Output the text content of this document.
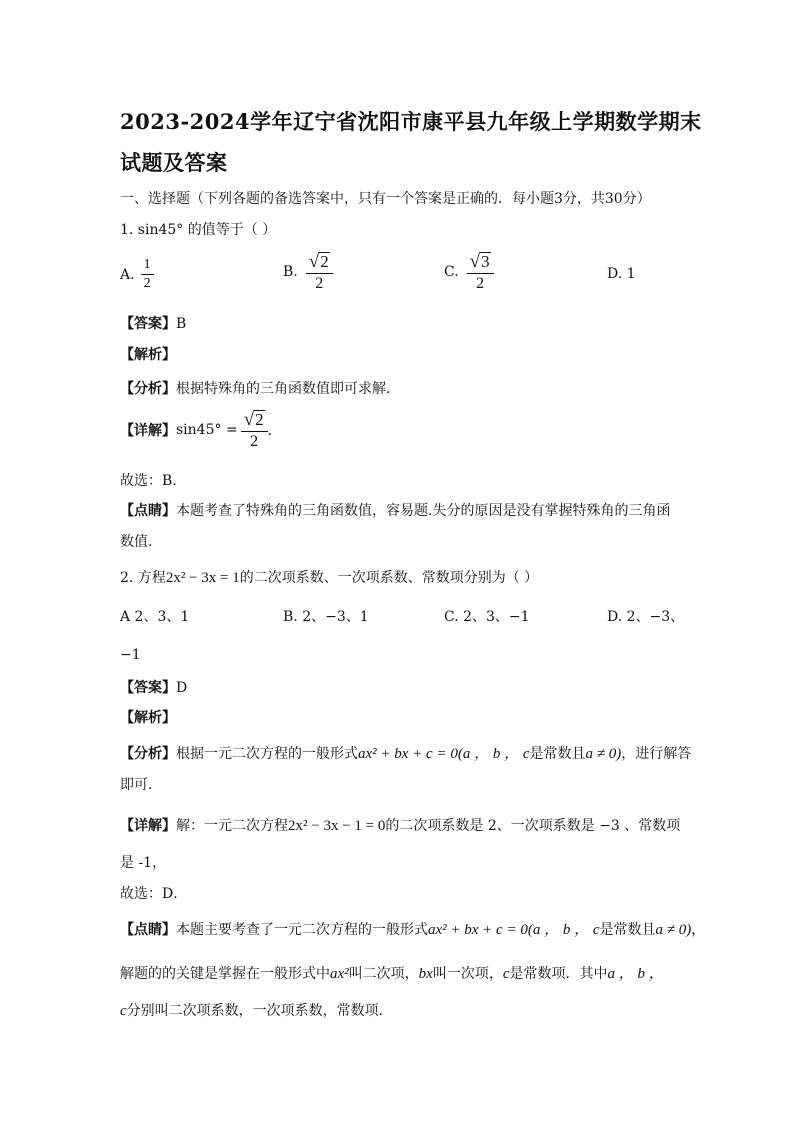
2023-2024学年辽宁省沈阳市康平县九年级上学期数学期末
试题及答案
一、选择题（下列各题的备选答案中，只有一个答案是正确的．每小题3分，共30分）
1. sin45° 的值等于（ ）
A. $\frac{1}{2}$	B. $\frac{√ 2}{2}$	C. $\frac{√ 3}{2}$	D. 1
【答案】B
【解析】
【分析】根据特殊角的三角函数值即可求解．
【详解】 $\sin 45^\circ = \frac{√ 2}{2}$ ．
故选：B．
【点睛】本题考查了特殊角的三角函数值，容易题.失分的原因是没有掌握特殊角的三角函
数值.
2. 方程2x² − 3x = 1的二次项系数、一次项系数、常数项分别为（ ）
A 2、3、1	B. 2、−3、1	C. 2、3、−1	D. 2、−3、
−1
【答案】D
【解析】
【分析】根据一元二次方程的一般形式ax² + bx + c = 0(a ， b ， c是常数且a ≠ 0)，进行解答
即可．
【详解】解：一元二次方程2x² − 3x − 1 = 0的二次项系数是 2、一次项系数是 −3 、常数项
是 -1，
故选：D．
【点睛】本题主要考查了一元二次方程的一般形式ax² + bx + c = 0(a ， b ， c是常数且a ≠ 0)，
解题的的关键是掌握在一般形式中ax²叫二次项，bx叫一次项，c是常数项．其中a ， b ，
c分别叫二次项系数，一次项系数，常数项．
